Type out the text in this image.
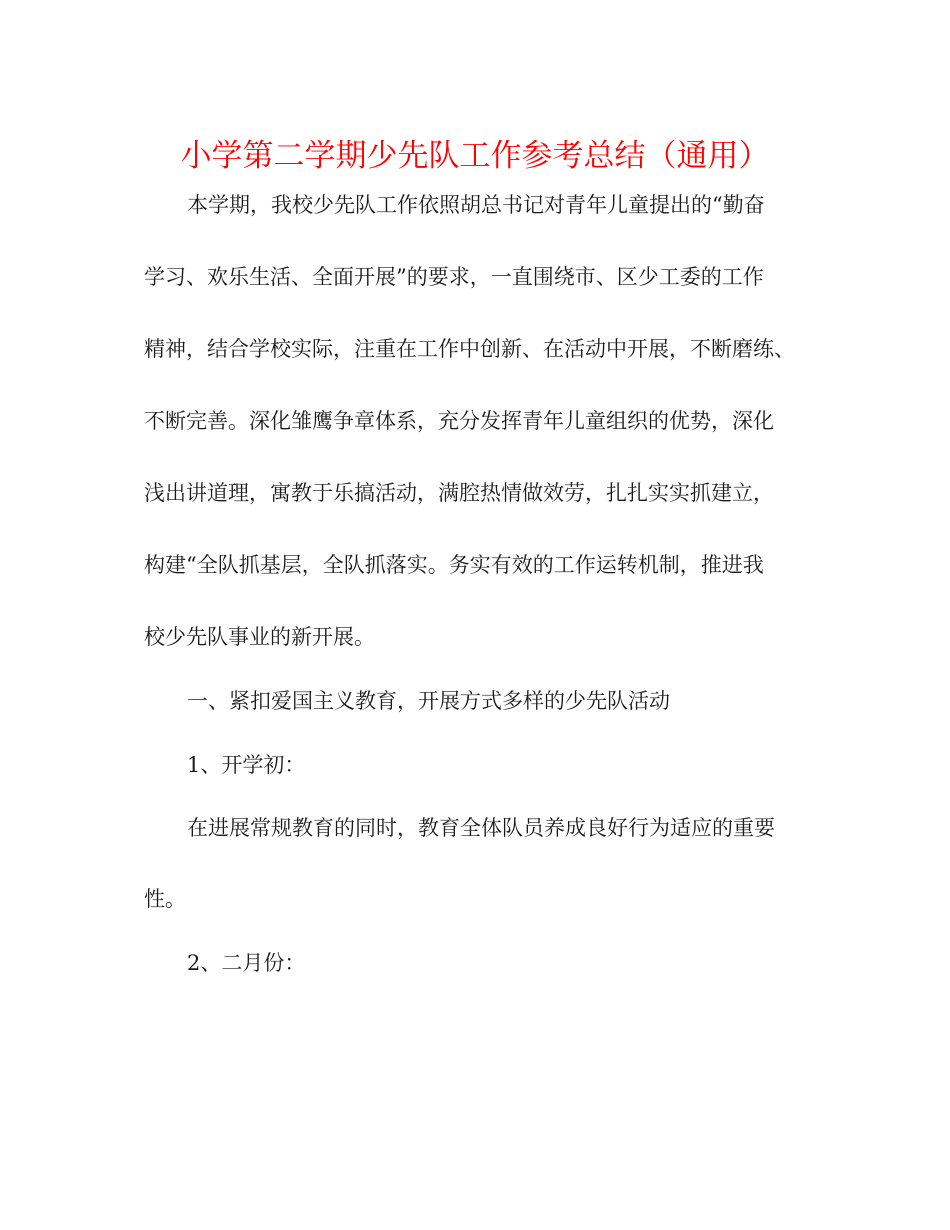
小学第二学期少先队工作参考总结（通用）

本学期，我校少先队工作依照胡总书记对青年儿童提出的“勤奋

学习、欢乐生活、全面开展”的要求，一直围绕市、区少工委的工作

精神，结合学校实际，注重在工作中创新、在活动中开展，不断磨练、

不断完善。深化雏鹰争章体系，充分发挥青年儿童组织的优势，深化

浅出讲道理，寓教于乐搞活动，满腔热情做效劳，扎扎实实抓建立，

构建“全队抓基层，全队抓落实。务实有效的工作运转机制，推进我

校少先队事业的新开展。

一、紧扣爱国主义教育，开展方式多样的少先队活动

1、开学初：

在进展常规教育的同时，教育全体队员养成良好行为适应的重要

性。

2、二月份：
